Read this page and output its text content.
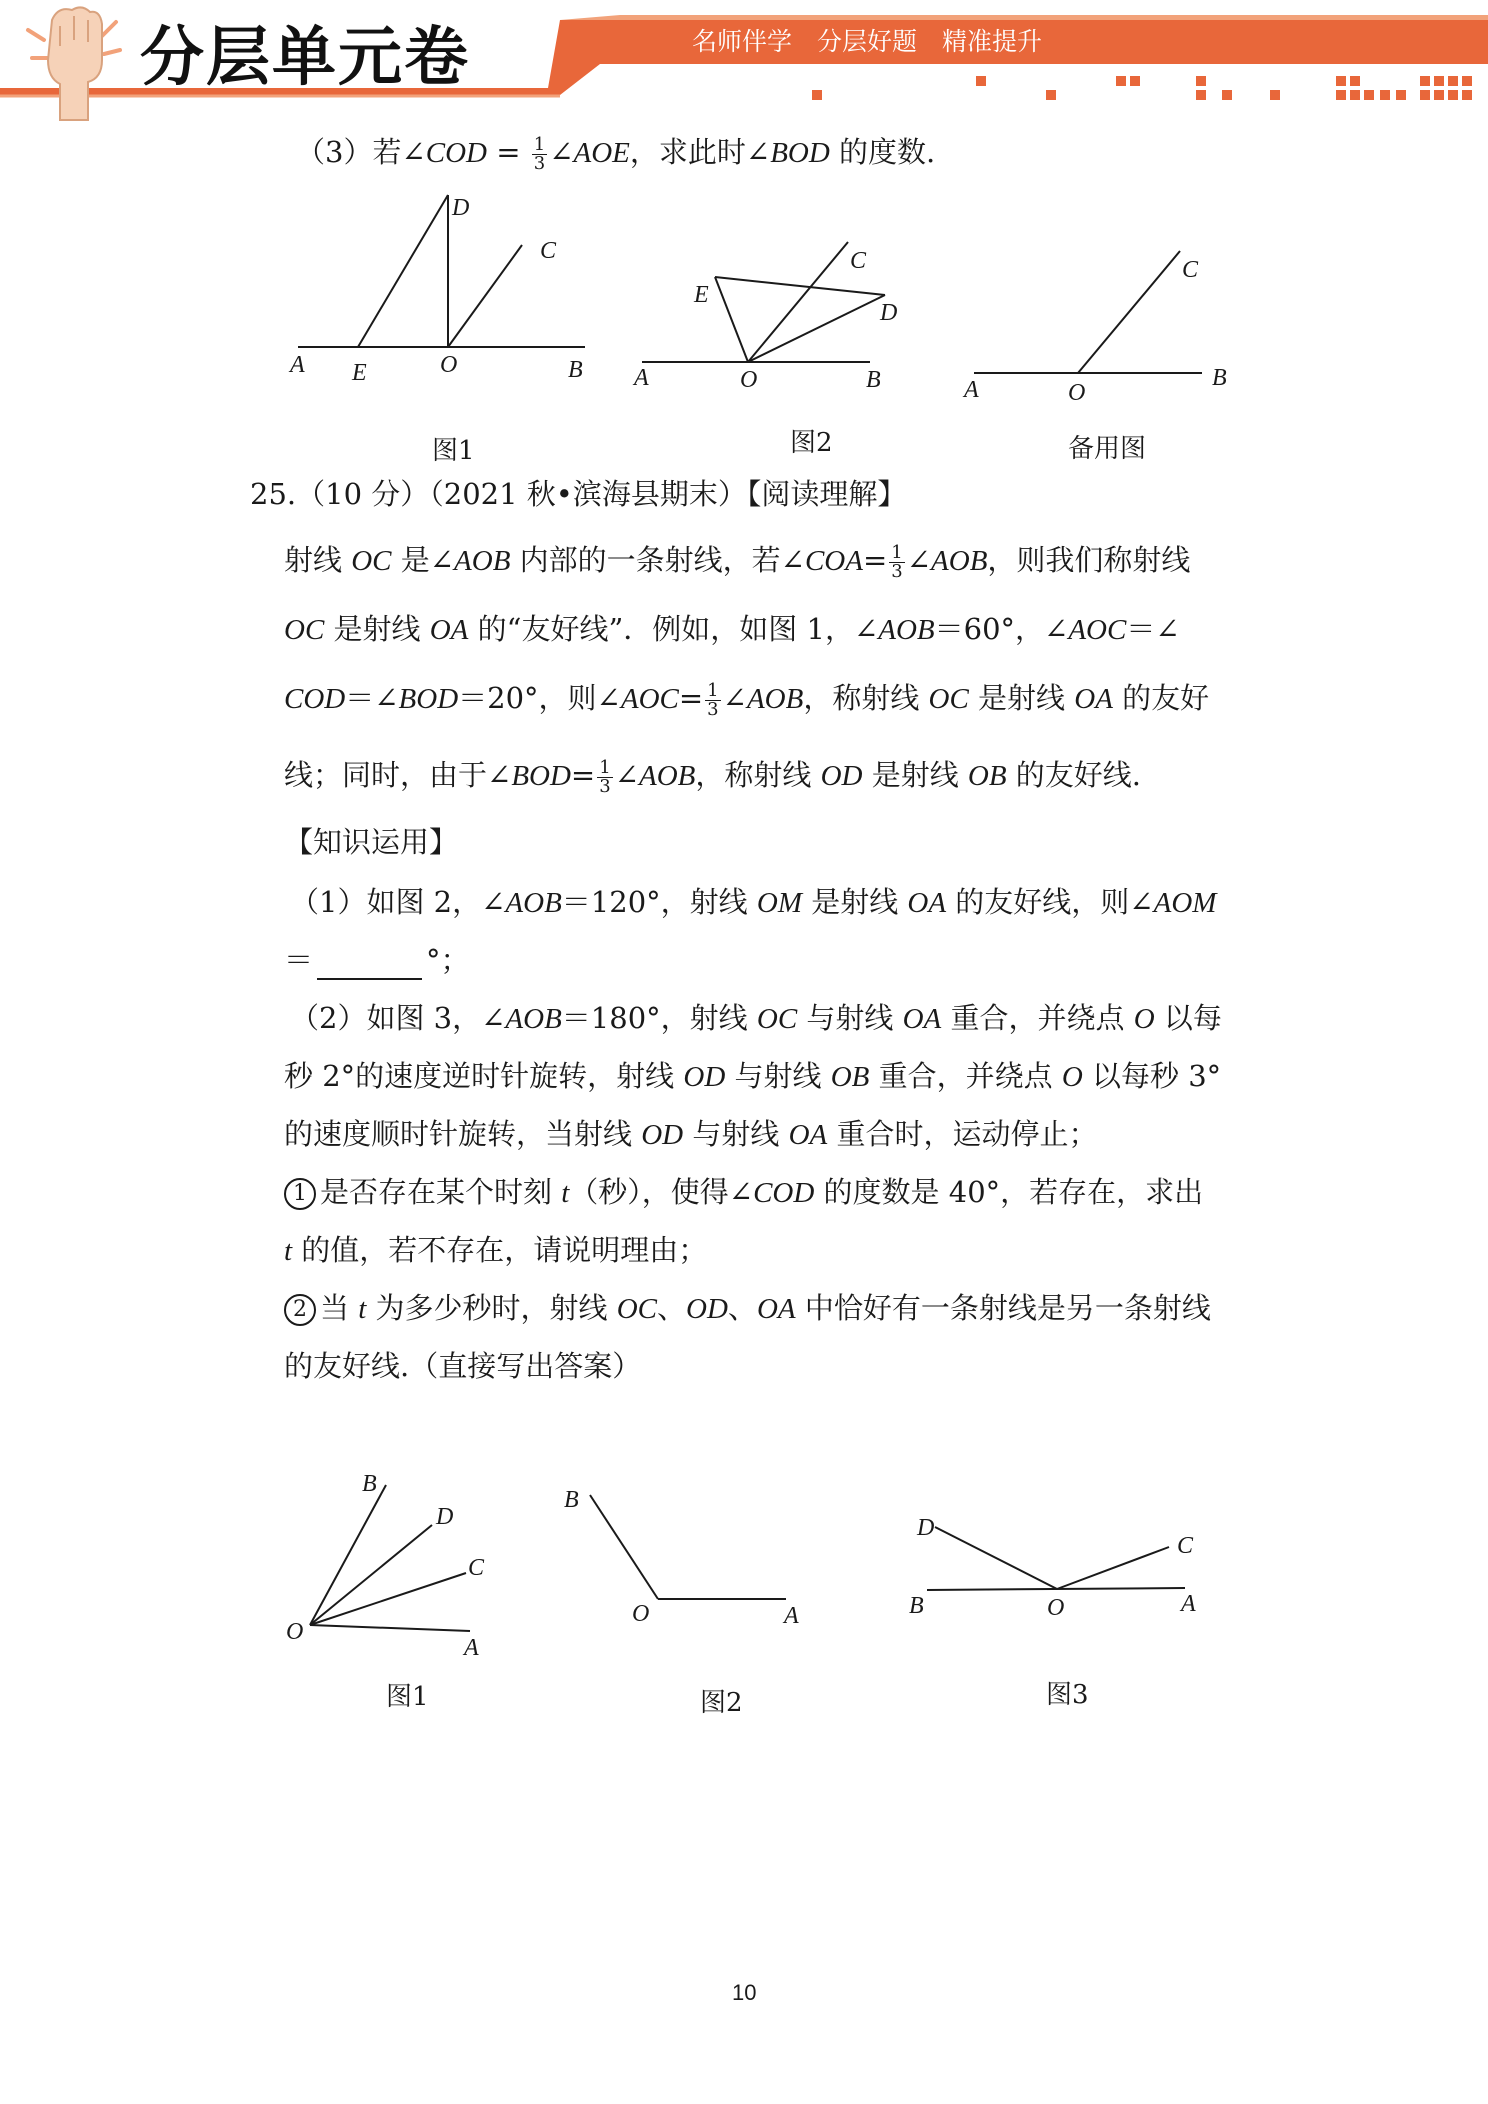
分层单元卷	名师伴学　分层好题　精准提升
（3）若∠COD = $\frac{1}{3}$ ∠AOE，求此时∠BOD 的度数.
A E	O	B
D
C
图1
A	O	B
E
C
D
图2
A	O
B
C
备用图
25.（10 分）（2021 秋•滨海县期末）【阅读理解】
射线 OC 是∠AOB 内部的一条射线，若∠COA= $\frac{1}{3}$ ∠AOB，则我们称射线
OC 是射线 OA 的“友好线”．例如，如图 1，∠AOB＝60°，∠AOC＝∠
COD＝∠BOD＝20°，则∠AOC= $\frac{1}{3}$ ∠AOB，称射线 OC 是射线 OA 的友好
线；同时，由于∠BOD= $\frac{1}{3}$ ∠AOB，称射线 OD 是射线 OB 的友好线.
【知识运用】
（1）如图 2，∠AOB＝120°，射线 OM 是射线 OA 的友好线，则∠AOM
＝	°；
（2）如图 3，∠AOB＝180°，射线 OC 与射线 OA 重合，并绕点 O 以每
秒 2°的速度逆时针旋转，射线 OD 与射线 OB 重合，并绕点 O 以每秒 3°
的速度顺时针旋转，当射线 OD 与射线 OA 重合时，运动停止；
1 是否存在某个时刻 t（秒），使得∠COD 的度数是 40°，若存在，求出
t 的值，若不存在，请说明理由；
2 当 t 为多少秒时，射线 OC、OD、OA 中恰好有一条射线是另一条射线
的友好线.（直接写出答案）
B
D
C
O
A
图1
B
O	A
图2
D
C
B	O	A
图3
10
